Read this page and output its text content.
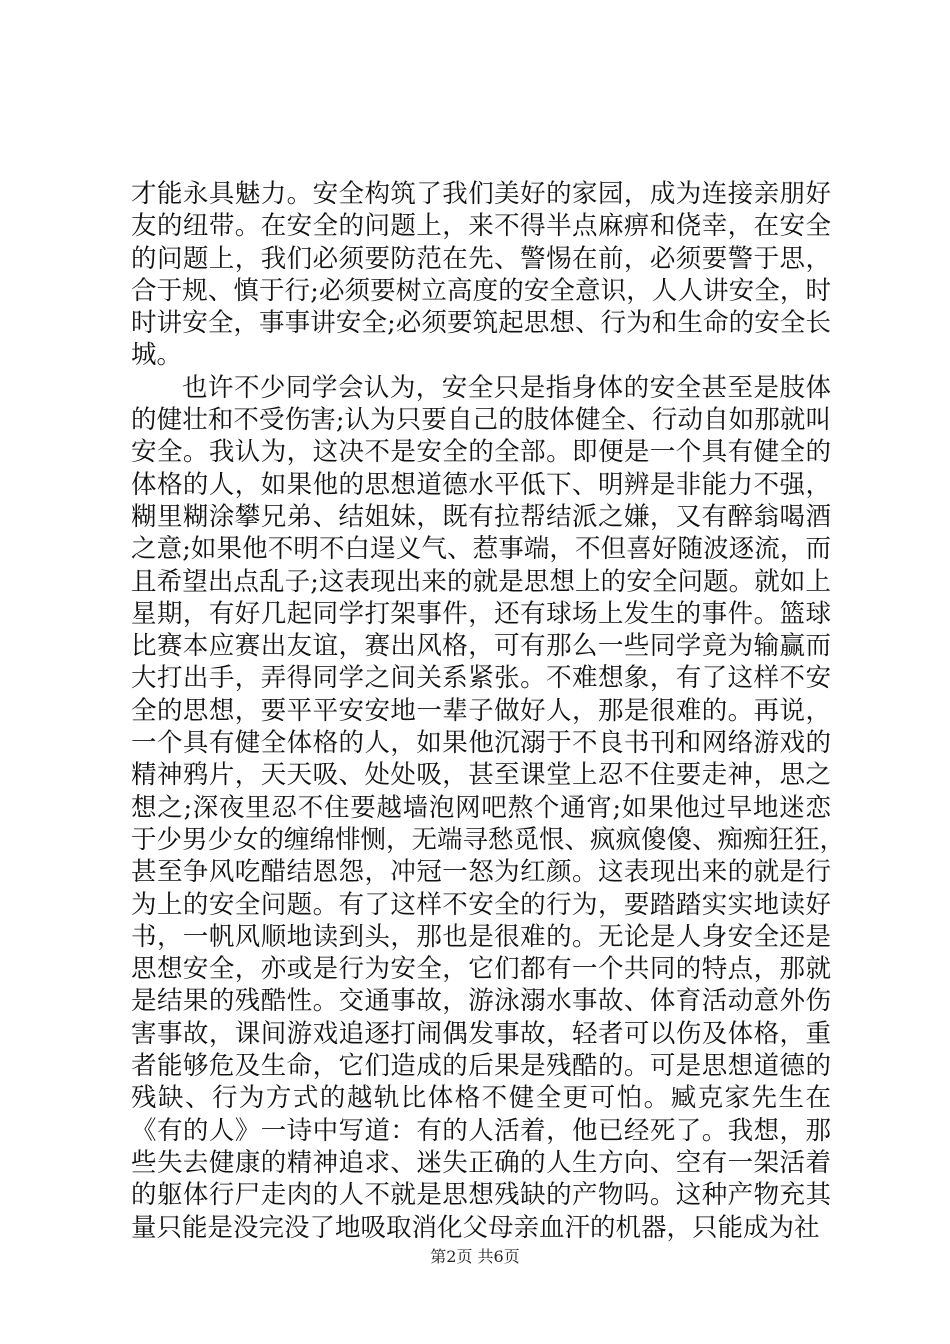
才能永具魅力。安全构筑了我们美好的家园，成为连接亲朋好
友的纽带。在安全的问题上，来不得半点麻痹和侥幸，在安全
的问题上，我们必须要防范在先、警惕在前，必须要警于思，
合于规、慎于行;必须要树立高度的安全意识，人人讲安全，时
时讲安全，事事讲安全;必须要筑起思想、行为和生命的安全长
城。
也许不少同学会认为，安全只是指身体的安全甚至是肢体
的健壮和不受伤害;认为只要自己的肢体健全、行动自如那就叫
安全。我认为，这决不是安全的全部。即便是一个具有健全的
体格的人，如果他的思想道德水平低下、明辨是非能力不强，
糊里糊涂攀兄弟、结姐妹，既有拉帮结派之嫌，又有醉翁喝酒
之意;如果他不明不白逞义气、惹事端，不但喜好随波逐流，而
且希望出点乱子;这表现出来的就是思想上的安全问题。就如上
星期，有好几起同学打架事件，还有球场上发生的事件。篮球
比赛本应赛出友谊，赛出风格，可有那么一些同学竟为输赢而
大打出手，弄得同学之间关系紧张。不难想象，有了这样不安
全的思想，要平平安安地一辈子做好人，那是很难的。再说，
一个具有健全体格的人，如果他沉溺于不良书刊和网络游戏的
精神鸦片，天天吸、处处吸，甚至课堂上忍不住要走神，思之
想之;深夜里忍不住要越墙泡网吧熬个通宵;如果他过早地迷恋
于少男少女的缠绵悱恻，无端寻愁觅恨、疯疯傻傻、痴痴狂狂，
甚至争风吃醋结恩怨，冲冠一怒为红颜。这表现出来的就是行
为上的安全问题。有了这样不安全的行为，要踏踏实实地读好
书，一帆风顺地读到头，那也是很难的。无论是人身安全还是
思想安全，亦或是行为安全，它们都有一个共同的特点，那就
是结果的残酷性。交通事故，游泳溺水事故、体育活动意外伤
害事故，课间游戏追逐打闹偶发事故，轻者可以伤及体格，重
者能够危及生命，它们造成的后果是残酷的。可是思想道德的
残缺、行为方式的越轨比体格不健全更可怕。臧克家先生在
《有的人》一诗中写道：有的人活着，他已经死了。我想，那
些失去健康的精神追求、迷失正确的人生方向、空有一架活着
的躯体行尸走肉的人不就是思想残缺的产物吗。这种产物充其
量只能是没完没了地吸取消化父母亲血汗的机器，只能成为社
第2页 共6页
